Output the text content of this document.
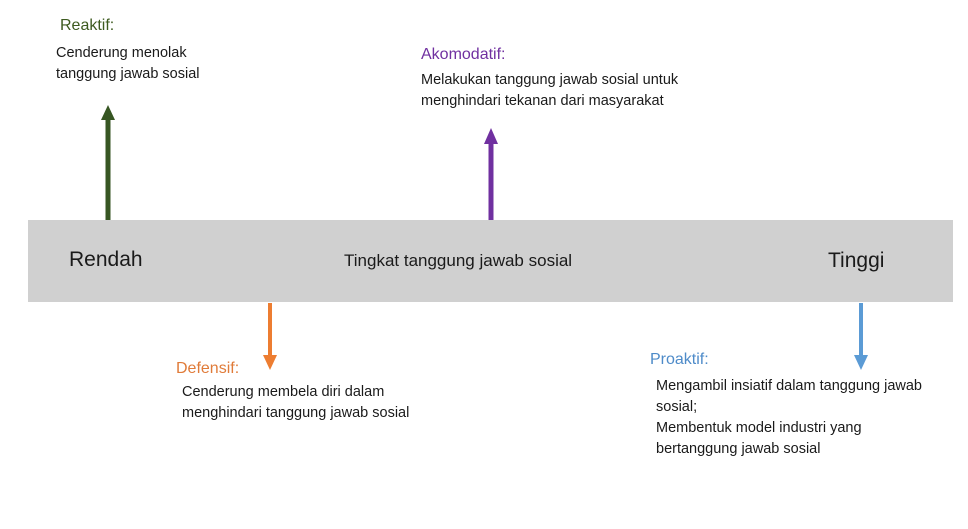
Rendah	Tingkat tanggung jawab sosial	Tinggi
Reaktif:
Cenderung menolak
tanggung jawab sosial
Akomodatif:
Melakukan tanggung jawab sosial untuk
menghindari tekanan dari masyarakat
Defensif:
Cenderung membela diri dalam
menghindari tanggung jawab sosial
Proaktif:
Mengambil insiatif dalam tanggung jawab
sosial;
Membentuk model industri yang
bertanggung jawab sosial
